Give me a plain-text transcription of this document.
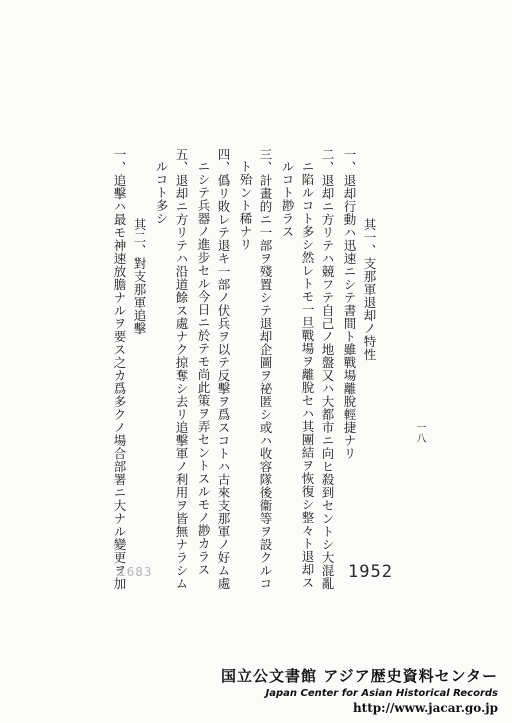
其一、支那軍退却ノ特性
一、退却行動ハ迅速ニシテ書間ト雖戰場離脫輕捷ナリ
二、退却ニ方リテハ競フテ自己ノ地盤又ハ大都市ニ向ヒ殺到セントシ大混亂
ニ陷ルコト多シ然レトモ一旦戰場ヲ離脫セハ其團結ヲ恢復シ整々ト退却ス
ルコト尠ラス
三、計畫的ニ一部ヲ殘置シテ退却企圖ヲ祕匿シ或ハ收容隊後衞等ヲ設クルコ
ト殆ント稀ナリ
四、僞リ敗レテ退キ一部ノ伏兵ヲ以テ反擊ヲ爲スコトハ古來支那軍ノ好ム處
ニシテ兵器ノ進步セル今日ニ於テモ尚此策ヲ弄セントスルモノ尠カラス
五、退却ニ方リテハ沿道餘ス處ナク掠奪シ去リ追擊軍ノ利用ヲ皆無ナラシム
ルコト多シ
其二、對支那軍追擊
一、追擊ハ最モ神速放膽ナルヲ要ス之カ爲多クノ場合部署ニ大ナル變更ヲ加	一八
1952
1683
国立公文書館 アジア歴史資料センター
Japan Center for Asian Historical Records
http://www.jacar.go.jp
